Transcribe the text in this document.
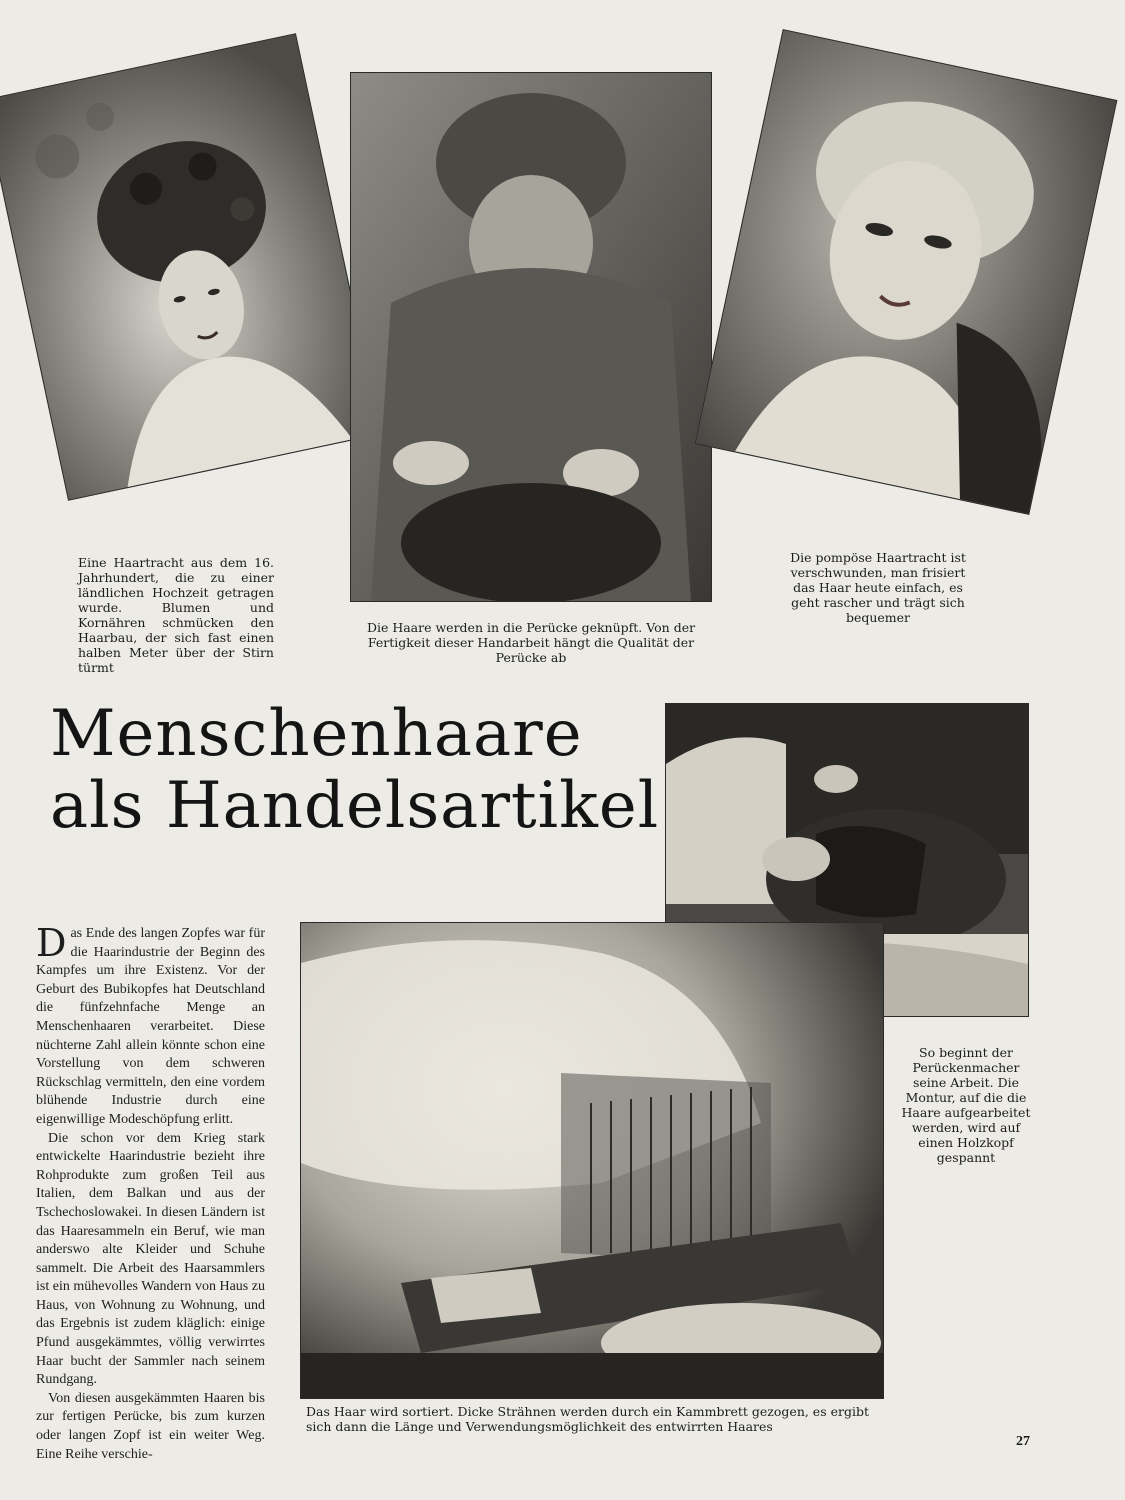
Eine Haartracht aus dem 16. Jahrhundert, die zu einer ländlichen Hochzeit getragen wurde. Blumen und Kornähren schmücken den Haarbau, der sich fast einen halben Meter über der Stirn türmt
Die Haare werden in die Perücke geknüpft. Von der Fertigkeit dieser Handarbeit hängt die Qualität der Perücke ab
Die pompöse Haartracht ist verschwunden, man frisiert das Haar heute einfach, es geht rascher und trägt sich bequemer
Menschenhaare
als Handelsartikel
So beginnt der Perückenmacher seine Arbeit. Die Montur, auf die die Haare aufgearbeitet werden, wird auf einen Holzkopf gespannt
Das Haar wird sortiert. Dicke Strähnen werden durch ein Kammbrett gezogen, es ergibt sich dann die Länge und Verwendungsmöglichkeit des entwirrten Haares

Das Ende des langen Zopfes war für die Haarindustrie der Beginn des Kampfes um ihre Existenz. Vor der Geburt des Bubikopfes hat Deutschland die fünfzehnfache Menge an Menschenhaaren verarbeitet. Diese nüchterne Zahl allein könnte schon eine Vorstellung von dem schweren Rückschlag vermitteln, den eine vordem blühende Industrie durch eine eigenwillige Modeschöpfung erlitt.

Die schon vor dem Krieg stark entwickelte Haarindustrie bezieht ihre Rohprodukte zum großen Teil aus Italien, dem Balkan und aus der Tschechoslowakei. In diesen Ländern ist das Haaresammeln ein Beruf, wie man anderswo alte Kleider und Schuhe sammelt. Die Arbeit des Haarsammlers ist ein mühevolles Wandern von Haus zu Haus, von Wohnung zu Wohnung, und das Ergebnis ist zudem kläglich: einige Pfund ausgekämmtes, völlig verwirrtes Haar bucht der Sammler nach seinem Rundgang.

Von diesen ausgekämmten Haaren bis zur fertigen Perücke, bis zum kurzen oder langen Zopf ist ein weiter Weg. Eine Reihe verschie-

27
